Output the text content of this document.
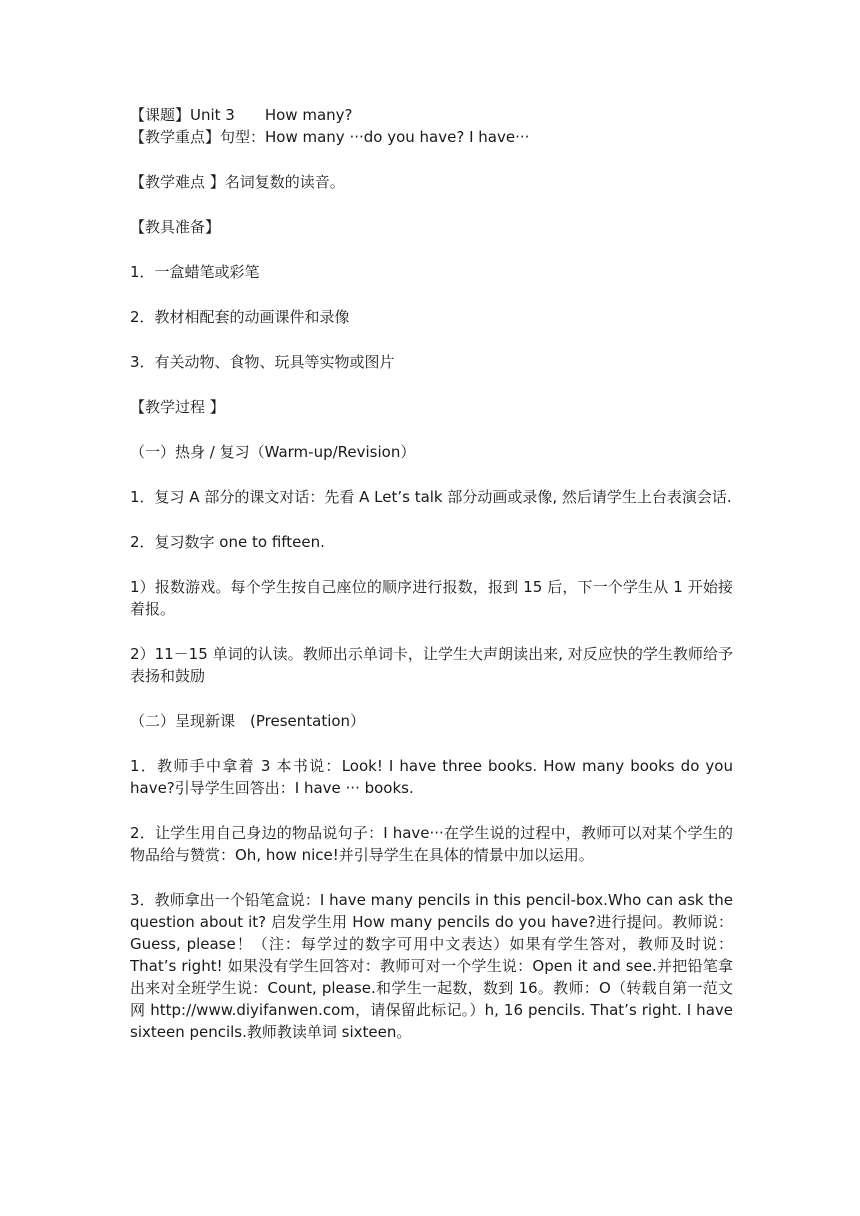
【课题】Unit 3　　How many?

【教学重点】句型：How many ···do you have? I have···

【教学难点 】名词复数的读音。

【教具准备】

1．一盒蜡笔或彩笔

2．教材相配套的动画课件和录像

3．有关动物、食物、玩具等实物或图片

【教学过程 】

（一）热身 / 复习（Warm-up/Revision）

1．复习 A 部分的课文对话：先看 A Let’s talk 部分动画或录像, 然后请学生上台表演会话.

2．复习数字 one to fifteen.

1）报数游戏。每个学生按自己座位的顺序进行报数，报到 15 后，下一个学生从 1 开始接着报。

2）11－15 单词的认读。教师出示单词卡，让学生大声朗读出来, 对反应快的学生教师给予表扬和鼓励

（二）呈现新课　(Presentation）

1．教师手中拿着 3 本书说：Look! I have three books. How many books do you have?引导学生回答出：I have ··· books.

2．让学生用自己身边的物品说句子：I have···在学生说的过程中，教师可以对某个学生的物品给与赞赏：Oh, how nice!并引导学生在具体的情景中加以运用。

3．教师拿出一个铅笔盒说：I have many pencils in this pencil-box.Who can ask the question about it? 启发学生用 How many pencils do you have?进行提问。教师说：Guess, please！（注：每学过的数字可用中文表达）如果有学生答对，教师及时说：That’s right! 如果没有学生回答对：教师可对一个学生说：Open it and see.并把铅笔拿出来对全班学生说：Count, please.和学生一起数，数到 16。教师：O（转载自第一范文网 http://www.diyifanwen.com，请保留此标记。）h, 16 pencils. That’s right. I have sixteen pencils.教师教读单词 sixteen。
